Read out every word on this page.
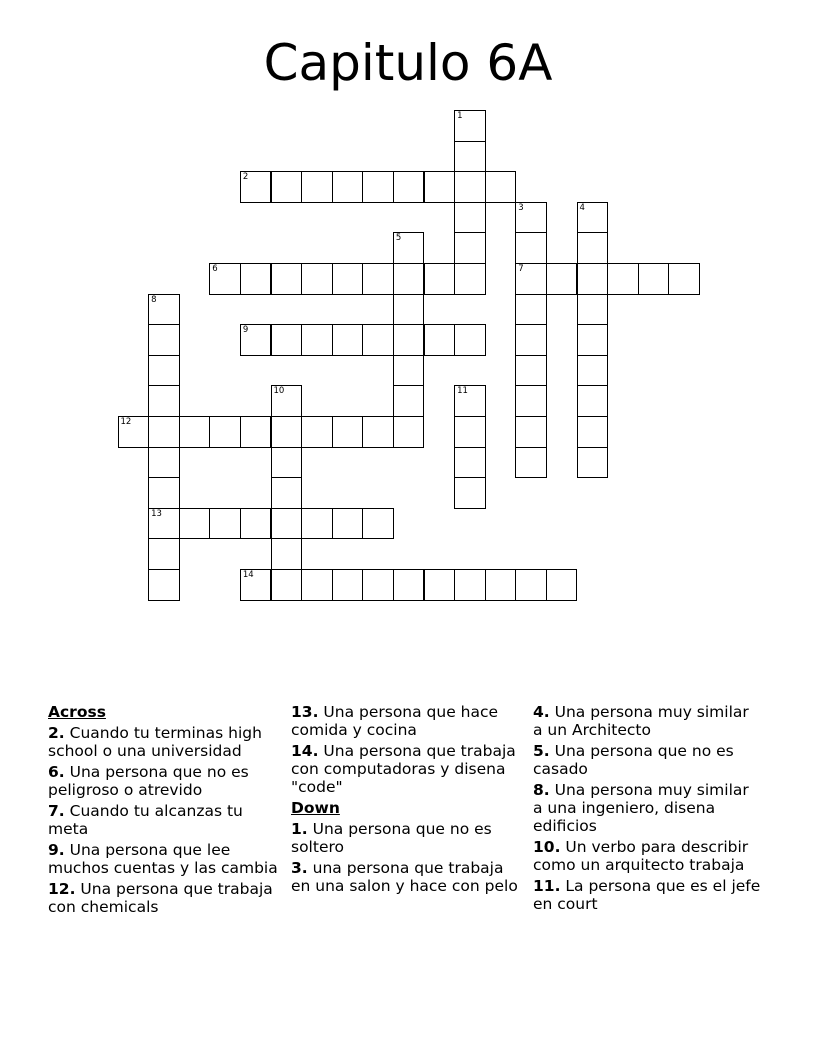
Capitulo 6A
1
2
3
7
4
5
6
8
13
9
10	11
12
14
Across
2. Cuando tu terminas high school o una universidad
6. Una persona que no es peligroso o atrevido
7. Cuando tu alcanzas tu meta
9. Una persona que lee muchos cuentas y las cambia
12. Una persona que trabaja con chemicals
13. Una persona que hace comida y cocina
14. Una persona que trabaja con computadoras y disena "code"
Down
1. Una persona que no es soltero
3. una persona que trabaja en una salon y hace con pelo
4. Una persona muy similar a un Architecto
5. Una persona que no es casado
8. Una persona muy similar a una ingeniero, disena edificios
10. Un verbo para describir como un arquitecto trabaja
11. La persona que es el jefe en court
